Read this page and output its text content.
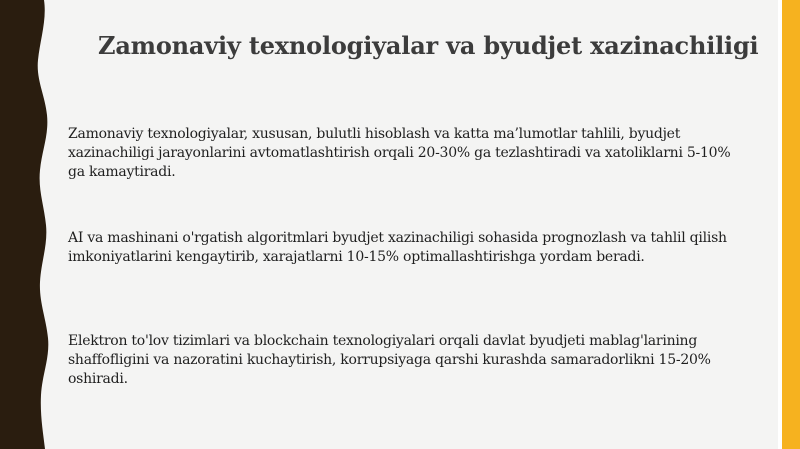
Zamonaviy texnologiyalar va byudjet xazinachiligi

Zamonaviy texnologiyalar, xususan, bulutli hisoblash va katta ma’lumotlar tahlili, byudjet xazinachiligi jarayonlarini avtomatlashtirish orqali 20-30% ga tezlashtiradi va xatoliklarni 5-10% ga kamaytiradi.

AI va mashinani o'rgatish algoritmlari byudjet xazinachiligi sohasida prognozlash va tahlil qilish imkoniyatlarini kengaytirib, xarajatlarni 10-15% optimallashtirishga yordam beradi.

Elektron to'lov tizimlari va blockchain texnologiyalari orqali davlat byudjeti mablag'larining shaffofligini va nazoratini kuchaytirish, korrupsiyaga qarshi kurashda samaradorlikni 15-20% oshiradi.
